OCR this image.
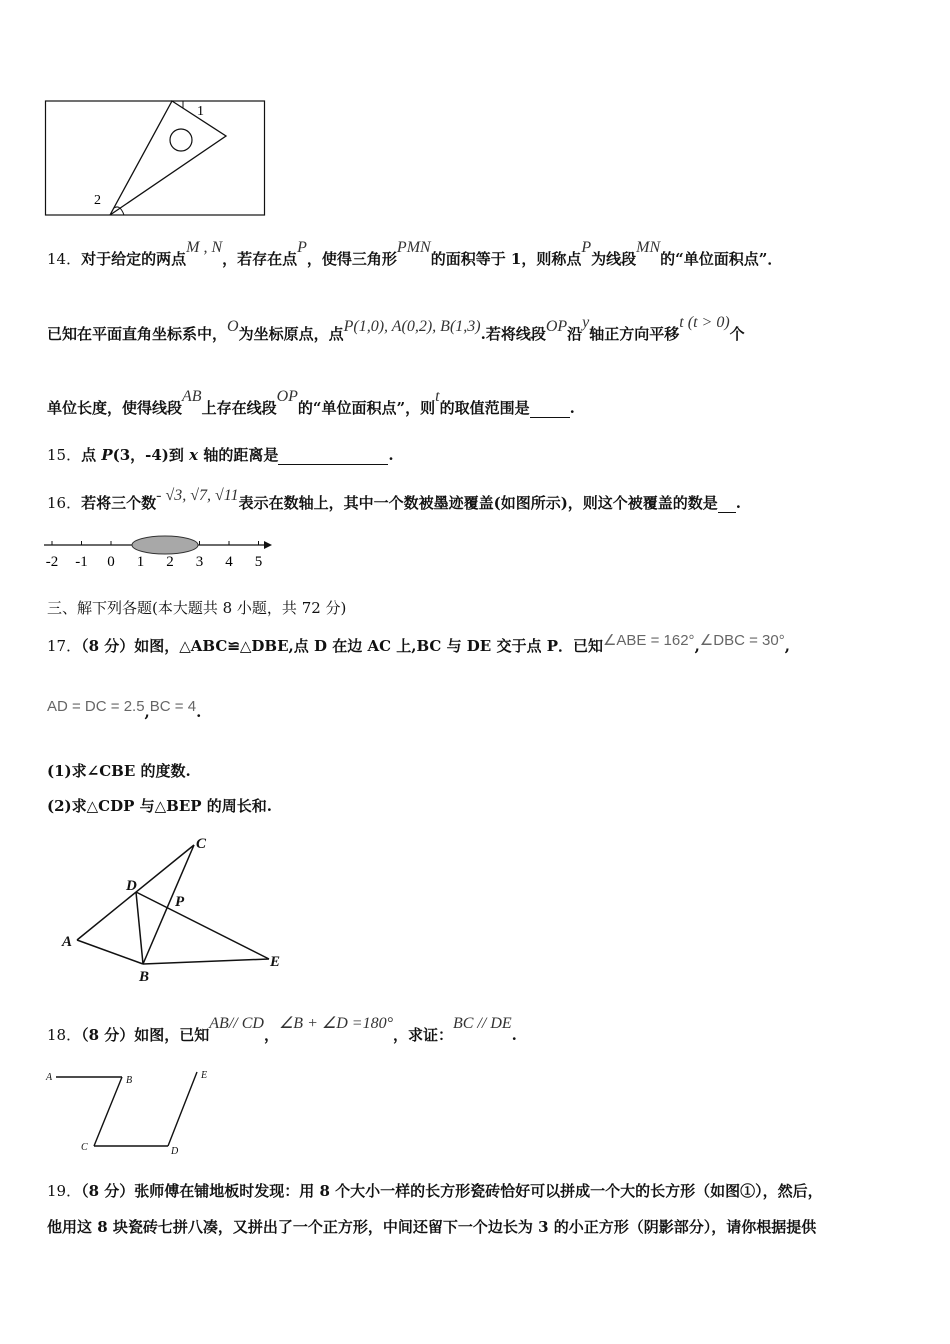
1
2
14．对于给定的两点M , N，若存在点P，使得三角形PMN的面积等于 1，则称点P为线段MN的“单位面积点”．
已知在平面直角坐标系中，O为坐标原点，点P(1,0), A(0,2), B(1,3).若将线段OP沿y轴正方向平移t (t > 0)个
单位长度，使得线段AB上存在线段OP的“单位面积点”，则t的取值范围是	.
15．点 P(3，-4)到 x 轴的距离是	.
16．若将三个数- √3, √7, √11表示在数轴上，其中一个数被墨迹覆盖(如图所示)，则这个被覆盖的数是 .
-2 -1 0 1 2 3 4 5
三、解下列各题(本大题共 8 小题，共 72 分)
17．（8 分）如图，△ABC≌△DBE,点 D 在边 AC 上,BC 与 DE 交于点 P．已知∠ABE = 162°,∠DBC = 30°,
AD = DC = 2.5,BC = 4.
(1)求∠CBE 的度数.
(2)求△CDP 与△BEP 的周长和.
A
B
C
D
E
P
18．（8 分）如图，已知AB// CD，∠B + ∠D =180°，求证：BC // DE.
A	B
C	D
E
19．（8 分）张师傅在铺地板时发现：用 8 个大小一样的长方形瓷砖恰好可以拼成一个大的长方形（如图①），然后，
他用这 8 块瓷砖七拼八凑，又拼出了一个正方形，中间还留下一个边长为 3 的小正方形（阴影部分），请你根据提供
